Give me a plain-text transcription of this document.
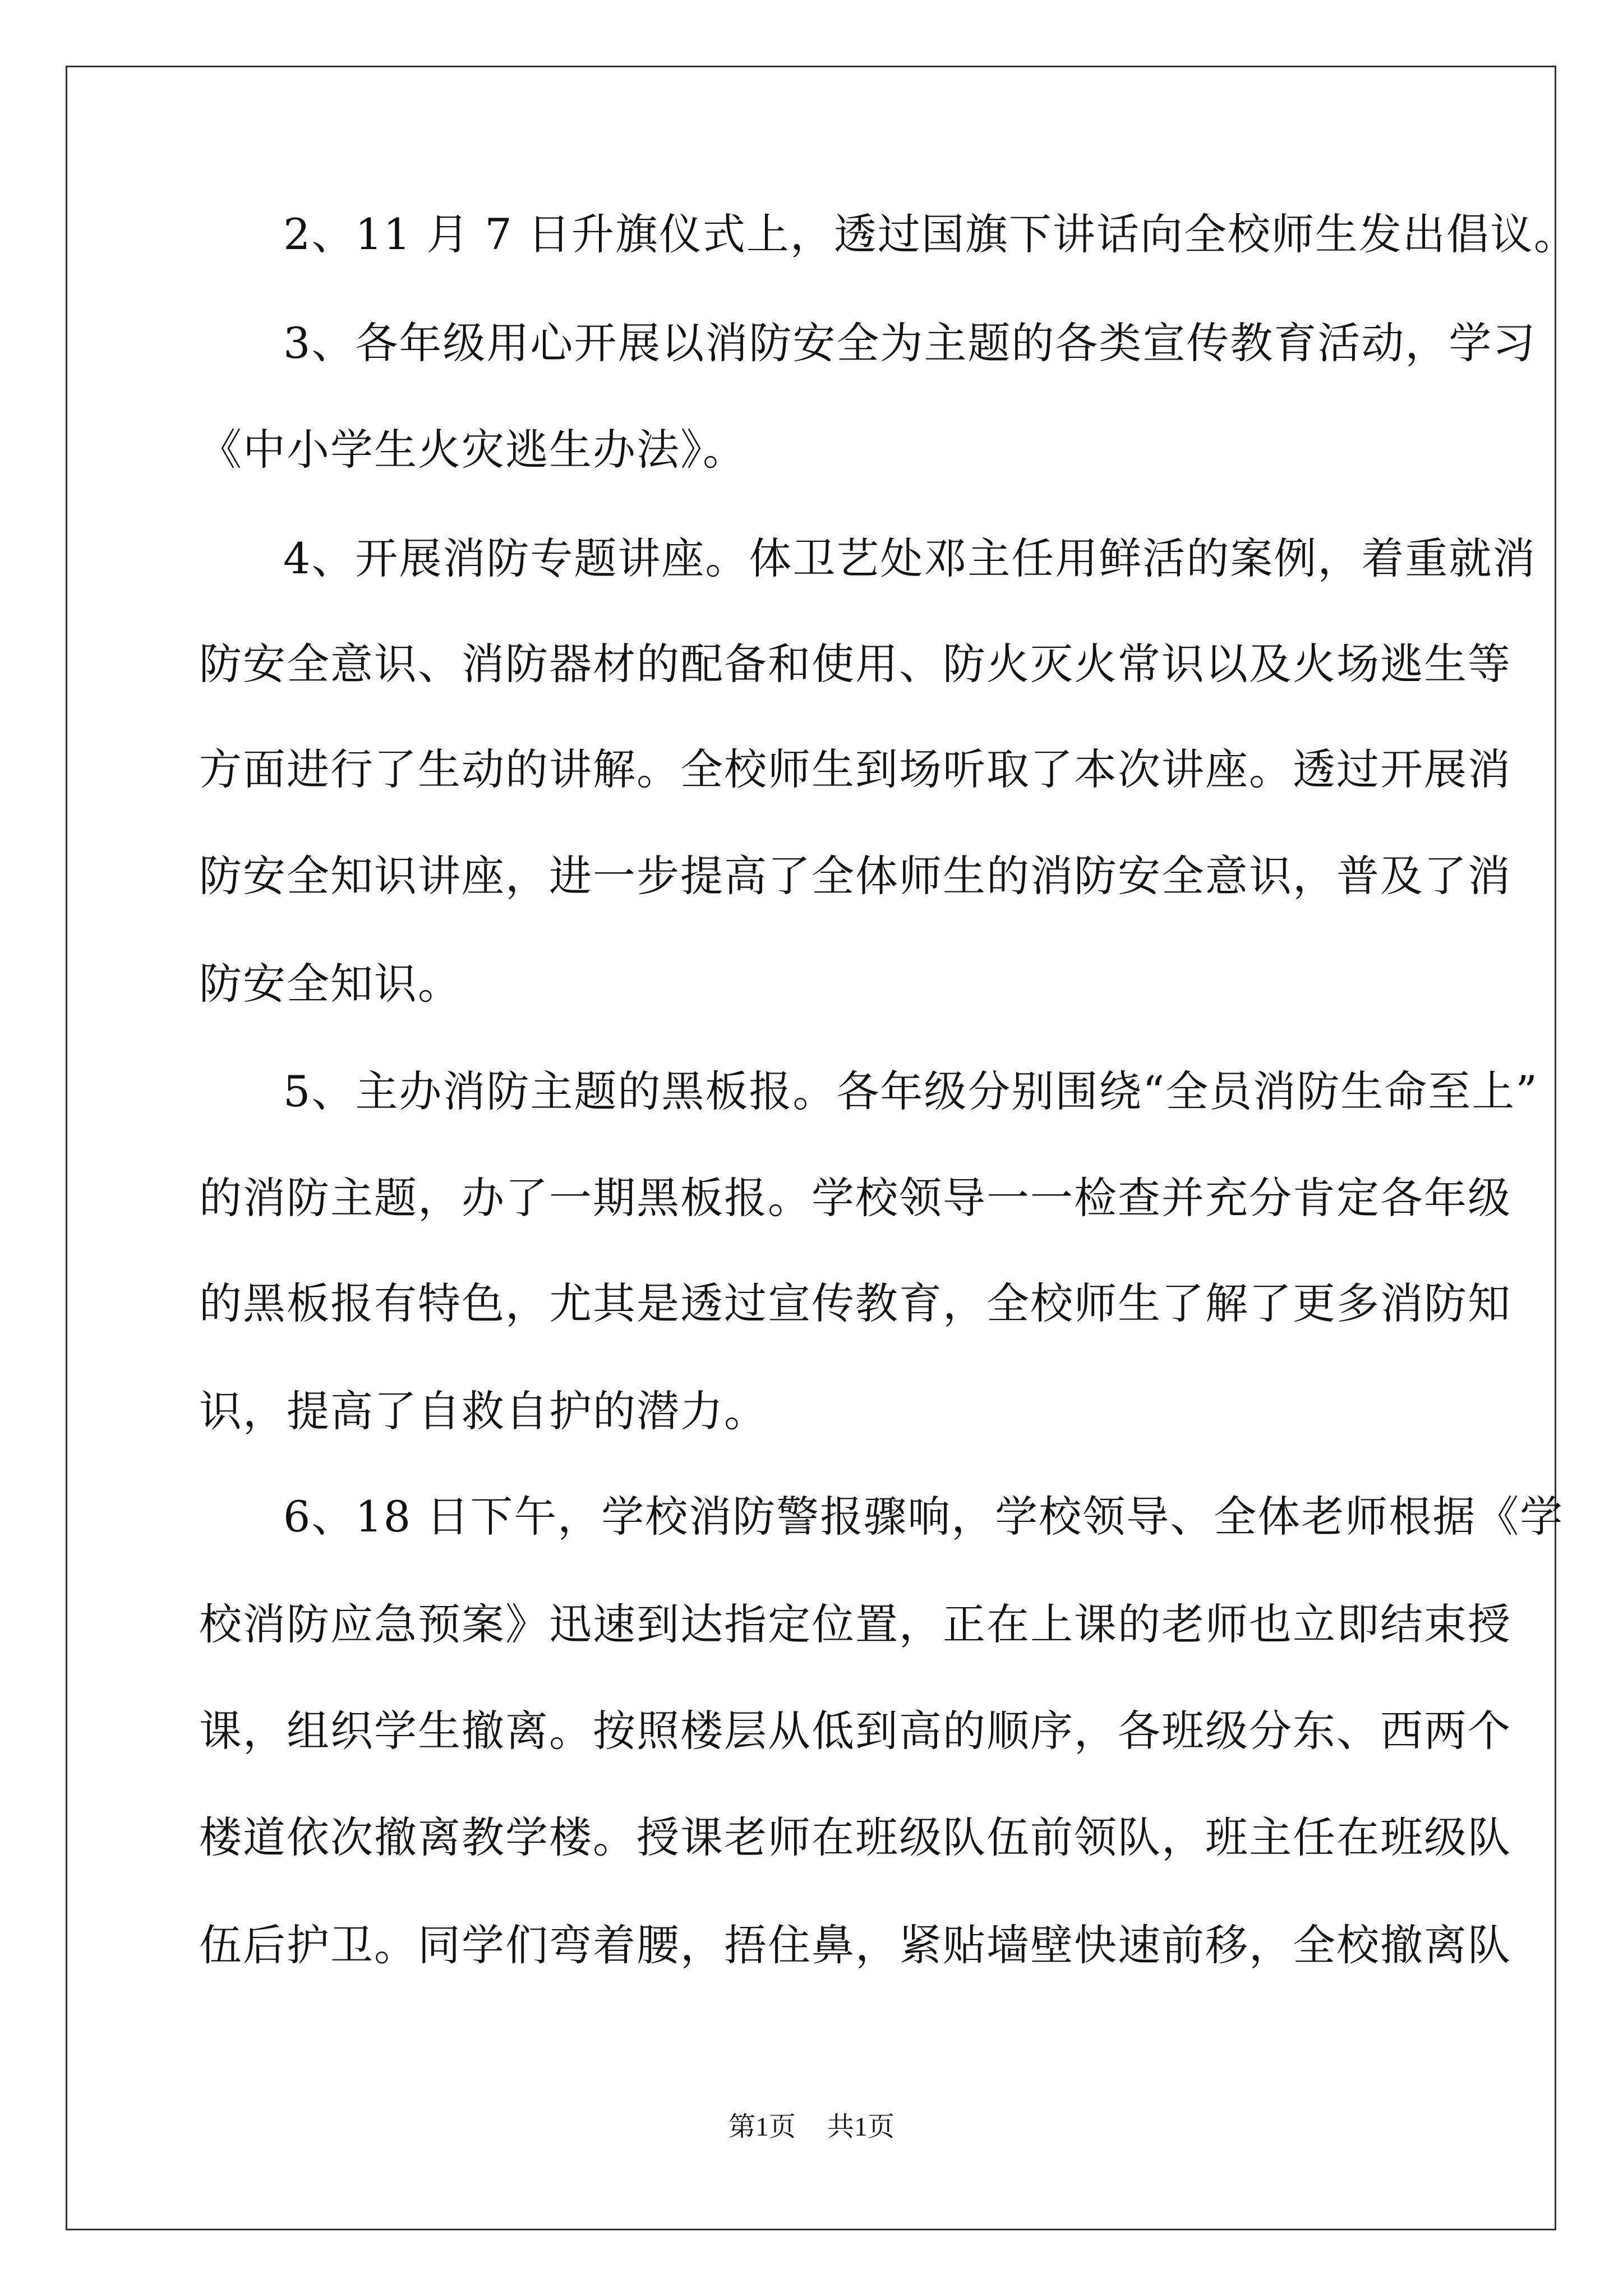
2、11 月 7 日升旗仪式上，透过国旗下讲话向全校师生发出倡议。
3、各年级用心开展以消防安全为主题的各类宣传教育活动，学习
《中小学生火灾逃生办法》。
4、开展消防专题讲座。体卫艺处邓主任用鲜活的案例，着重就消
防安全意识、消防器材的配备和使用、防火灭火常识以及火场逃生等
方面进行了生动的讲解。全校师生到场听取了本次讲座。透过开展消
防安全知识讲座，进一步提高了全体师生的消防安全意识，普及了消
防安全知识。
5、主办消防主题的黑板报。各年级分别围绕“全员消防生命至上”
的消防主题，办了一期黑板报。学校领导一一检查并充分肯定各年级
的黑板报有特色，尤其是透过宣传教育，全校师生了解了更多消防知
识，提高了自救自护的潜力。
6、18 日下午，学校消防警报骤响，学校领导、全体老师根据《学
校消防应急预案》迅速到达指定位置，正在上课的老师也立即结束授
课，组织学生撤离。按照楼层从低到高的顺序，各班级分东、西两个
楼道依次撤离教学楼。授课老师在班级队伍前领队，班主任在班级队
伍后护卫。同学们弯着腰，捂住鼻，紧贴墙壁快速前移，全校撤离队
第1页 共1页
